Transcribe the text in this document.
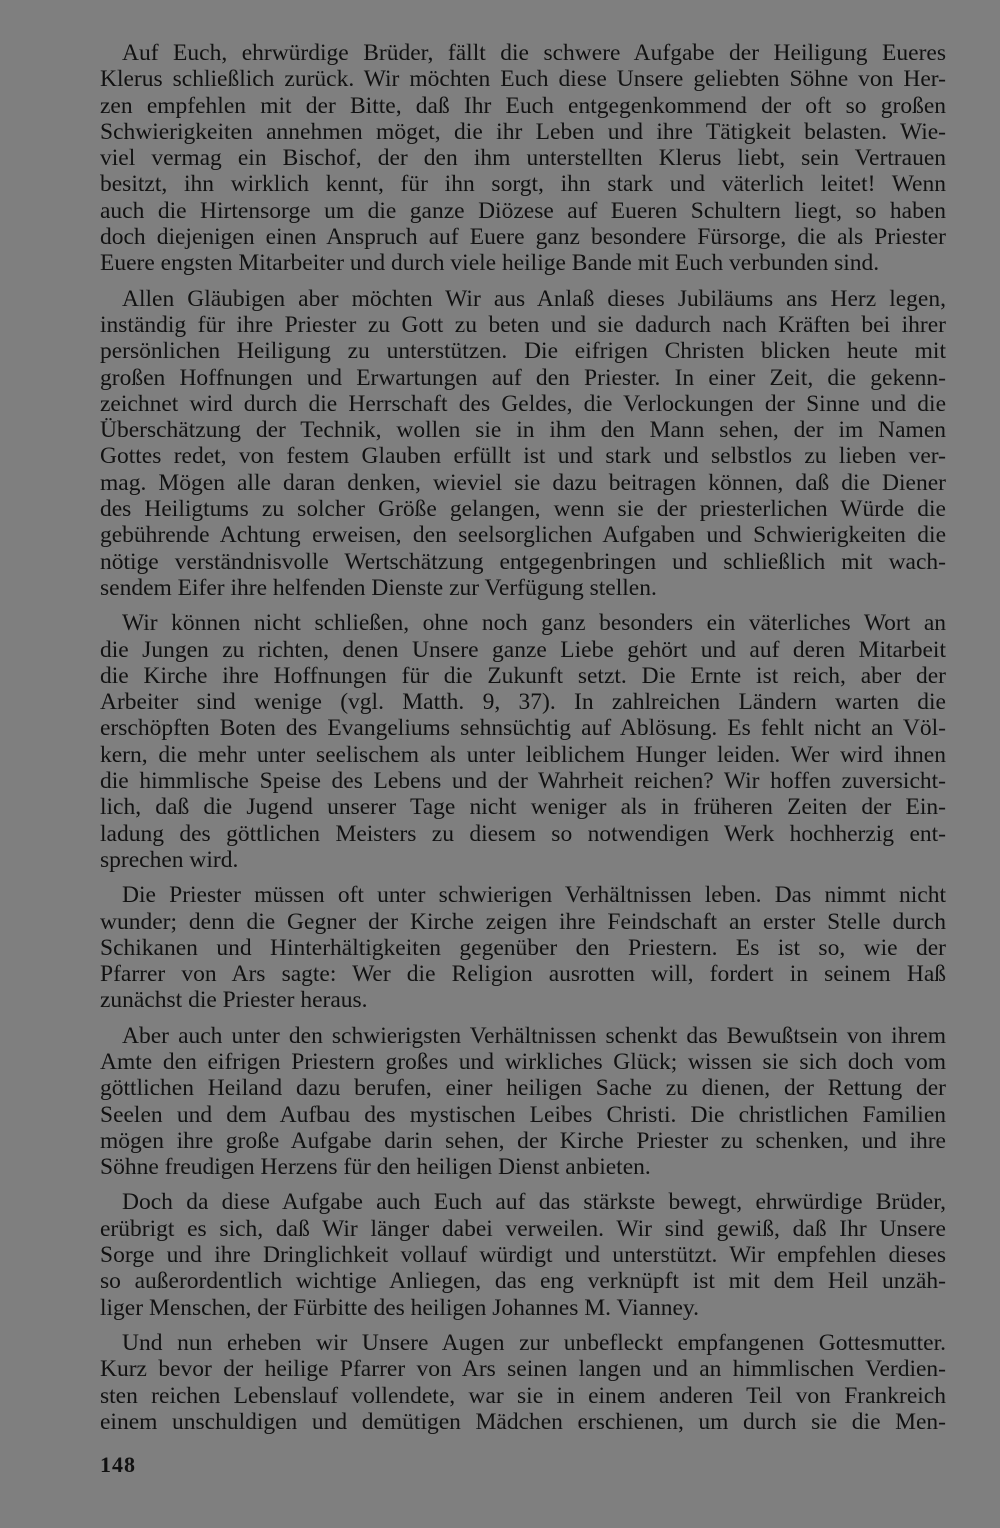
Auf Euch, ehrwürdige Brüder, fällt die schwere Aufgabe der Heiligung Eueres
Klerus schließlich zurück. Wir möchten Euch diese Unsere geliebten Söhne von Her-
zen empfehlen mit der Bitte, daß Ihr Euch entgegenkommend der oft so großen
Schwierigkeiten annehmen möget, die ihr Leben und ihre Tätigkeit belasten. Wie-
viel vermag ein Bischof, der den ihm unterstellten Klerus liebt, sein Vertrauen
besitzt, ihn wirklich kennt, für ihn sorgt, ihn stark und väterlich leitet! Wenn
auch die Hirtensorge um die ganze Diözese auf Eueren Schultern liegt, so haben
doch diejenigen einen Anspruch auf Euere ganz besondere Fürsorge, die als Priester
Euere engsten Mitarbeiter und durch viele heilige Bande mit Euch verbunden sind.
Allen Gläubigen aber möchten Wir aus Anlaß dieses Jubiläums ans Herz legen,
inständig für ihre Priester zu Gott zu beten und sie dadurch nach Kräften bei ihrer
persönlichen Heiligung zu unterstützen. Die eifrigen Christen blicken heute mit
großen Hoffnungen und Erwartungen auf den Priester. In einer Zeit, die gekenn-
zeichnet wird durch die Herrschaft des Geldes, die Verlockungen der Sinne und die
Überschätzung der Technik, wollen sie in ihm den Mann sehen, der im Namen
Gottes redet, von festem Glauben erfüllt ist und stark und selbstlos zu lieben ver-
mag. Mögen alle daran denken, wieviel sie dazu beitragen können, daß die Diener
des Heiligtums zu solcher Größe gelangen, wenn sie der priesterlichen Würde die
gebührende Achtung erweisen, den seelsorglichen Aufgaben und Schwierigkeiten die
nötige verständnisvolle Wertschätzung entgegenbringen und schließlich mit wach-
sendem Eifer ihre helfenden Dienste zur Verfügung stellen.
Wir können nicht schließen, ohne noch ganz besonders ein väterliches Wort an
die Jungen zu richten, denen Unsere ganze Liebe gehört und auf deren Mitarbeit
die Kirche ihre Hoffnungen für die Zukunft setzt. Die Ernte ist reich, aber der
Arbeiter sind wenige (vgl. Matth. 9, 37). In zahlreichen Ländern warten die
erschöpften Boten des Evangeliums sehnsüchtig auf Ablösung. Es fehlt nicht an Völ-
kern, die mehr unter seelischem als unter leiblichem Hunger leiden. Wer wird ihnen
die himmlische Speise des Lebens und der Wahrheit reichen? Wir hoffen zuversicht-
lich, daß die Jugend unserer Tage nicht weniger als in früheren Zeiten der Ein-
ladung des göttlichen Meisters zu diesem so notwendigen Werk hochherzig ent-
sprechen wird.
Die Priester müssen oft unter schwierigen Verhältnissen leben. Das nimmt nicht
wunder; denn die Gegner der Kirche zeigen ihre Feindschaft an erster Stelle durch
Schikanen und Hinterhältigkeiten gegenüber den Priestern. Es ist so, wie der
Pfarrer von Ars sagte: Wer die Religion ausrotten will, fordert in seinem Haß
zunächst die Priester heraus.
Aber auch unter den schwierigsten Verhältnissen schenkt das Bewußtsein von ihrem
Amte den eifrigen Priestern großes und wirkliches Glück; wissen sie sich doch vom
göttlichen Heiland dazu berufen, einer heiligen Sache zu dienen, der Rettung der
Seelen und dem Aufbau des mystischen Leibes Christi. Die christlichen Familien
mögen ihre große Aufgabe darin sehen, der Kirche Priester zu schenken, und ihre
Söhne freudigen Herzens für den heiligen Dienst anbieten.
Doch da diese Aufgabe auch Euch auf das stärkste bewegt, ehrwürdige Brüder,
erübrigt es sich, daß Wir länger dabei verweilen. Wir sind gewiß, daß Ihr Unsere
Sorge und ihre Dringlichkeit vollauf würdigt und unterstützt. Wir empfehlen dieses
so außerordentlich wichtige Anliegen, das eng verknüpft ist mit dem Heil unzäh-
liger Menschen, der Fürbitte des heiligen Johannes M. Vianney.
Und nun erheben wir Unsere Augen zur unbefleckt empfangenen Gottesmutter.
Kurz bevor der heilige Pfarrer von Ars seinen langen und an himmlischen Verdien-
sten reichen Lebenslauf vollendete, war sie in einem anderen Teil von Frankreich
einem unschuldigen und demütigen Mädchen erschienen, um durch sie die Men-
148
